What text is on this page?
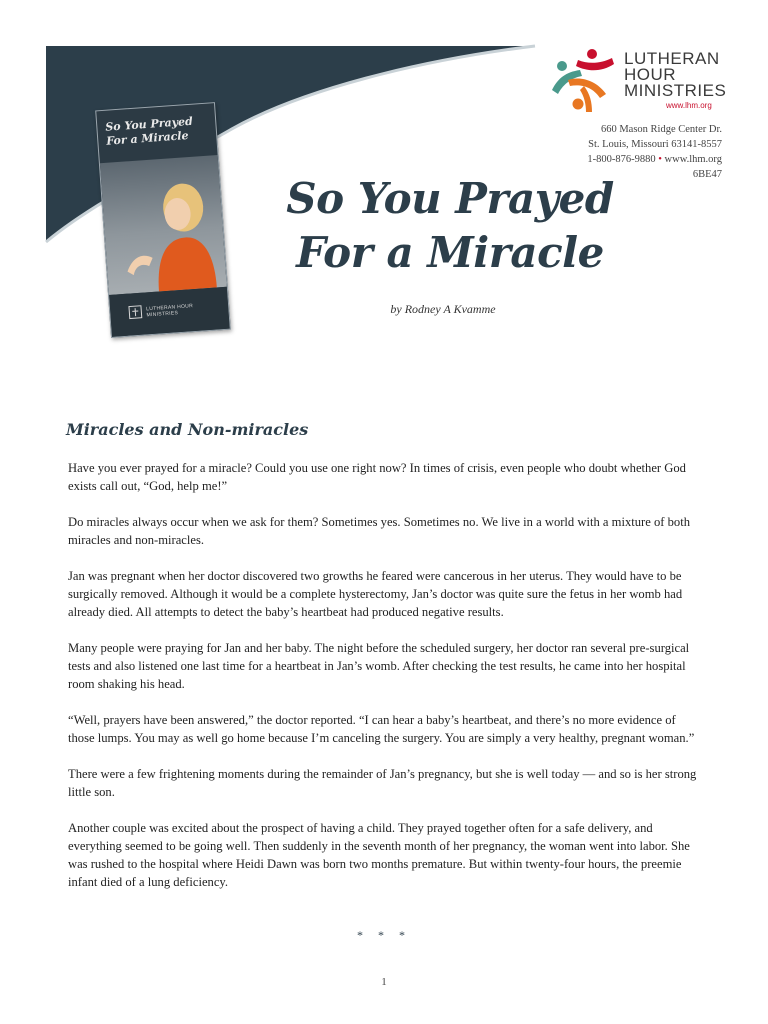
LUTHERAN
HOUR
MINISTRIES
www.lhm.org
660 Mason Ridge Center Dr.
St. Louis, Missouri 63141-8557
1-800-876-9880 • www.lhm.org
6BE47
So You Prayed
For a Miracle
LUTHERAN HOUR MINISTRIES
So You Prayed
For a Miracle
by Rodney A Kvamme
Miracles and Non-miracles

Have you ever prayed for a miracle? Could you use one right now? In times of crisis, even people who doubt whether God exists call out, “God, help me!”

Do miracles always occur when we ask for them? Sometimes yes. Sometimes no. We live in a world with a mixture of both miracles and non-miracles.

Jan was pregnant when her doctor discovered two growths he feared were cancerous in her uterus. They would have to be surgically removed. Although it would be a complete hysterectomy, Jan’s doctor was quite sure the fetus in her womb had already died. All attempts to detect the baby’s heartbeat had produced negative results.

Many people were praying for Jan and her baby. The night before the scheduled surgery, her doctor ran several pre-surgical tests and also listened one last time for a heartbeat in Jan’s womb. After checking the test results, he came into her hospital room shaking his head.

“Well, prayers have been answered,” the doctor reported. “I can hear a baby’s heartbeat, and there’s no more evidence of those lumps. You may as well go home because I’m canceling the surgery. You are simply a very healthy, pregnant woman.”

There were a few frightening moments during the remainder of Jan’s pregnancy, but she is well today — and so is her strong little son.

Another couple was excited about the prospect of having a child. They prayed together often for a safe delivery, and everything seemed to be going well. Then suddenly in the seventh month of her pregnancy, the woman went into labor. She was rushed to the hospital where Heidi Dawn was born two months premature. But within twenty-four hours, the preemie infant died of a lung deficiency.

* * *
1
